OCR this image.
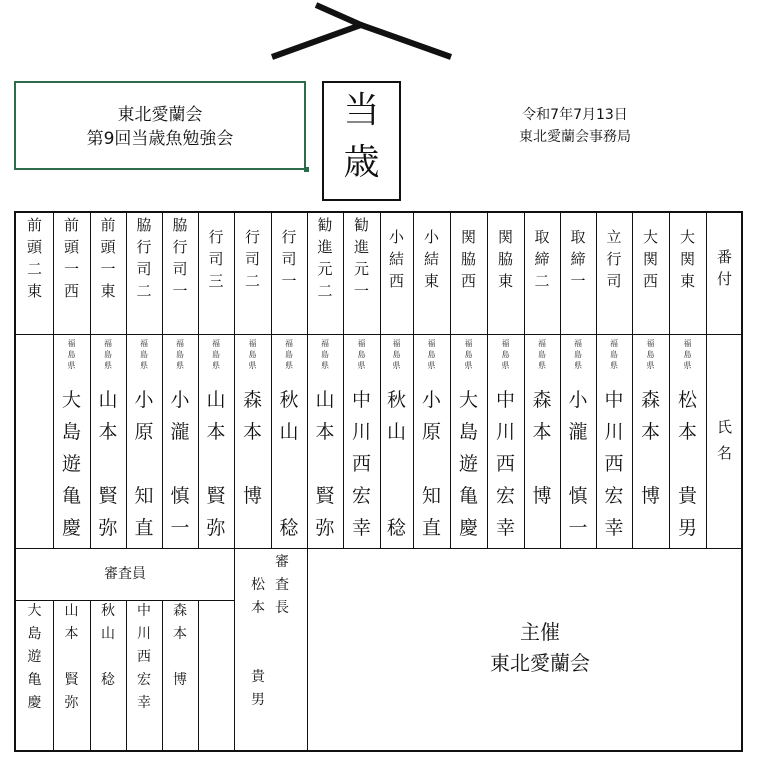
東北愛蘭会
第9回当歳魚勉強会
当
歳
令和7年7月13日
東北愛蘭会事務局
番
付
氏
名
大
関
東
福
島
県
松
本

貴
男
大
関
西
福
島
県
森
本

博
立
行
司
福
島
県
中
川
西
宏
幸
取
締
一
福
島
県
小
瀧

慎
一
取
締
二
福
島
県
森
本

博
関
脇
東
福
島
県
中
川
西
宏
幸
関
脇
西
福
島
県
大
島
遊
亀
慶
小
結
東
福
島
県
小
原

知
直
小
結
西
福
島
県
秋
山

稔
勧
進
元
一
福
島
県
中
川
西
宏
幸
勧
進
元
二
福
島
県
山
本

賢
弥
行
司
一
福
島
県
秋
山

稔
行
司
二
福
島
県
森
本

博
行
司
三
福
島
県
山
本

賢
弥
脇
行
司
一
福
島
県
小
瀧

慎
一
脇
行
司
二
福
島
県
小
原

知
直
前
頭
一
東
福
島
県
山
本

賢
弥
前
頭
一
西
福
島
県
大
島
遊
亀
慶
前
頭
二
東
審査員
森
本

博
中
川
西
宏
幸
秋
山

稔
山
本

賢
弥
大
島
遊
亀
慶
審
査
長
松
本

貴
男
主催
東北愛蘭会
